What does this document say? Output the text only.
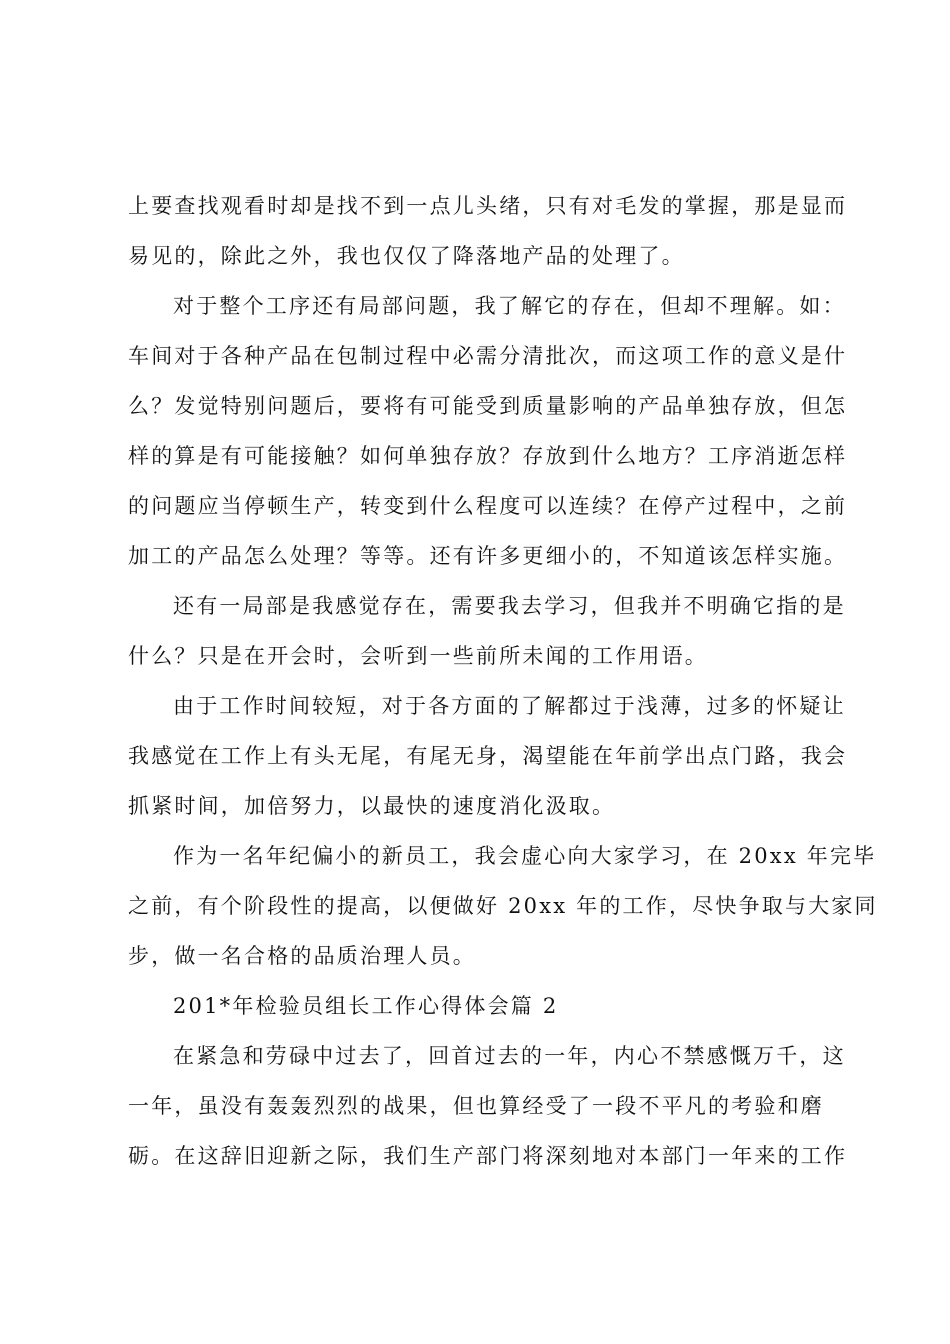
上要查找观看时却是找不到一点儿头绪，只有对毛发的掌握，那是显而
易见的，除此之外，我也仅仅了降落地产品的处理了。
对于整个工序还有局部问题，我了解它的存在，但却不理解。如：
车间对于各种产品在包制过程中必需分清批次，而这项工作的意义是什
么？发觉特别问题后，要将有可能受到质量影响的产品单独存放，但怎
样的算是有可能接触？如何单独存放？存放到什么地方？工序消逝怎样
的问题应当停顿生产，转变到什么程度可以连续？在停产过程中，之前
加工的产品怎么处理？等等。还有许多更细小的，不知道该怎样实施。
还有一局部是我感觉存在，需要我去学习，但我并不明确它指的是
什么？只是在开会时，会听到一些前所未闻的工作用语。
由于工作时间较短，对于各方面的了解都过于浅薄，过多的怀疑让
我感觉在工作上有头无尾，有尾无身，渴望能在年前学出点门路，我会
抓紧时间，加倍努力，以最快的速度消化汲取。
作为一名年纪偏小的新员工，我会虚心向大家学习，在 20xx 年完毕
之前，有个阶段性的提高，以便做好 20xx 年的工作，尽快争取与大家同
步，做一名合格的品质治理人员。
201*年检验员组长工作心得体会篇 2
在紧急和劳碌中过去了，回首过去的一年，内心不禁感慨万千，这
一年，虽没有轰轰烈烈的战果，但也算经受了一段不平凡的考验和磨
砺。在这辞旧迎新之际，我们生产部门将深刻地对本部门一年来的工作
